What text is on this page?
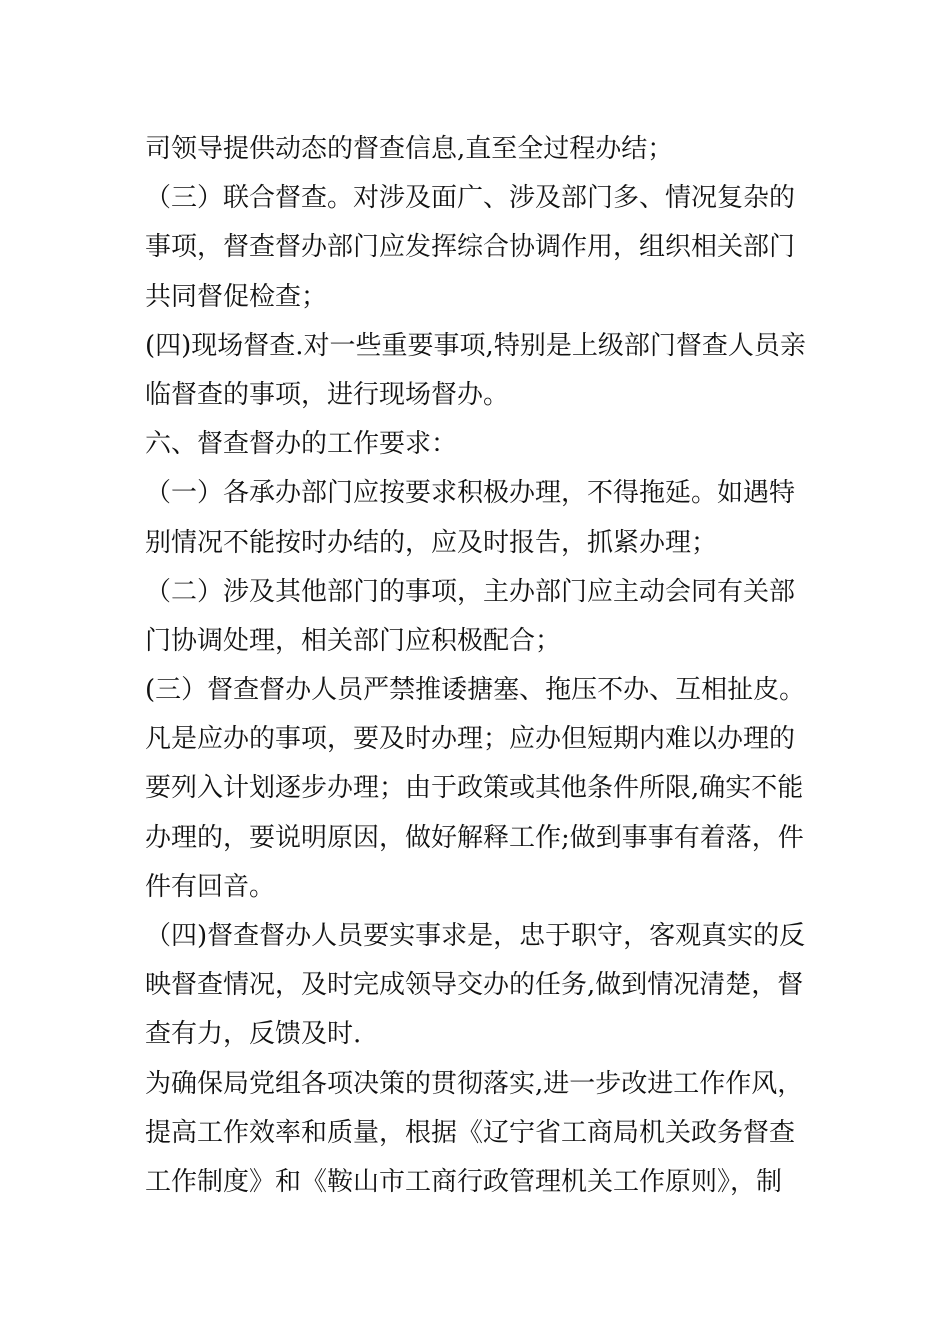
司领导提供动态的督查信息,直至全过程办结；
（三）联合督查。对涉及面广、涉及部门多、情况复杂的
事项，督查督办部门应发挥综合协调作用，组织相关部门
共同督促检查；
(四)现场督查.对一些重要事项,特别是上级部门督查人员亲
临督查的事项，进行现场督办。
六、督查督办的工作要求：
（一）各承办部门应按要求积极办理，不得拖延。如遇特
别情况不能按时办结的，应及时报告，抓紧办理；
（二）涉及其他部门的事项，主办部门应主动会同有关部
门协调处理，相关部门应积极配合；
(三）督查督办人员严禁推诿搪塞、拖压不办、互相扯皮。
凡是应办的事项，要及时办理；应办但短期内难以办理的
要列入计划逐步办理；由于政策或其他条件所限,确实不能
办理的，要说明原因，做好解释工作;做到事事有着落，件
件有回音。
（四)督查督办人员要实事求是，忠于职守，客观真实的反
映督查情况，及时完成领导交办的任务,做到情况清楚，督
查有力，反馈及时.
为确保局党组各项决策的贯彻落实,进一步改进工作作风，
提高工作效率和质量，根据《辽宁省工商局机关政务督查
工作制度》和《鞍山市工商行政管理机关工作原则》，制
